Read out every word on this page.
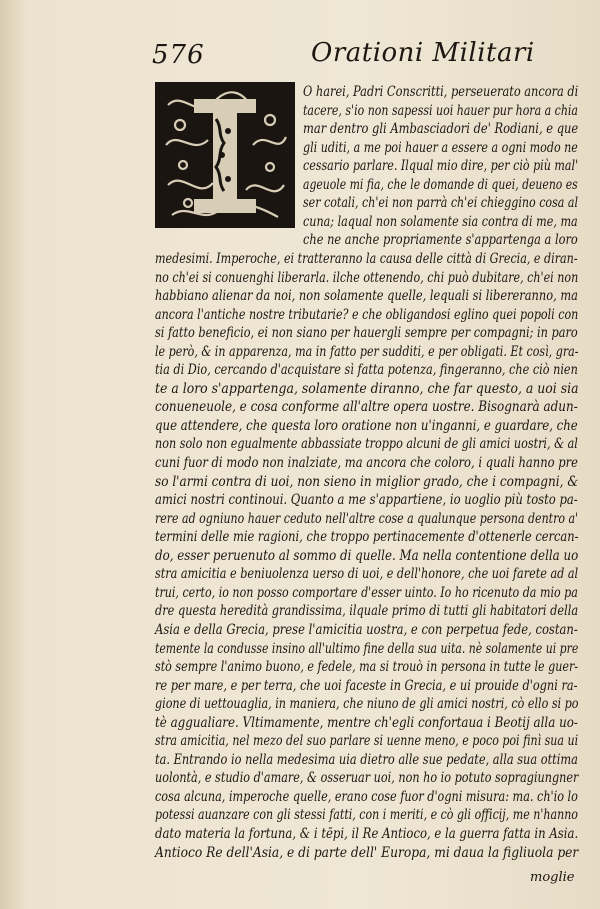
576	Orationi Militari
O harei, Padri Conscritti, perseuerato ancora di
tacere, s'io non sapessi uoi hauer pur hora a chia
mar dentro gli Ambasciadori de' Rodiani, e que
gli uditi, a me poi hauer a essere a ogni modo ne
cessario parlare. Ilqual mio dire, per ciò più mal'
ageuole mi fia, che le domande di quei, deueno es
ser cotali, ch'ei non parrà ch'ei chieggino cosa al
cuna; laqual non solamente sia contra di me, ma
che ne anche propriamente s'appartenga a loro
medesimi. Imperoche, ei tratteranno la causa delle città di Grecia, e diran-
no ch'ei si conuenghi liberarla. ilche ottenendo, chi può dubitare, ch'ei non
habbiano alienar da noi, non solamente quelle, lequali si libereranno, ma
ancora l'antiche nostre tributarie? e che obligandosi eglino quei popoli con
si fatto beneficio, ei non siano per hauergli sempre per compagni; in paro
le però, & in apparenza, ma in fatto per sudditi, e per obligati. Et così, gra-
tia di Dio, cercando d'acquistare sì fatta potenza, fingeranno, che ciò nien
te a loro s'appartenga, solamente diranno, che far questo, a uoi sia
conueneuole, e cosa conforme all'altre opera uostre. Bisognarà adun-
que attendere, che questa loro oratione non u'inganni, e guardare, che
non solo non egualmente abbassiate troppo alcuni de gli amici uostri, & al
cuni fuor di modo non inalziate, ma ancora che coloro, i quali hanno pre
so l'armi contra di uoi, non sieno in miglior grado, che i compagni, &
amici nostri continoui. Quanto a me s'appartiene, io uoglio più tosto pa-
rere ad ogniuno hauer ceduto nell'altre cose a qualunque persona dentro a'
termini delle mie ragioni, che troppo pertinacemente d'ottenerle cercan-
do, esser peruenuto al sommo di quelle. Ma nella contentione della uo
stra amicitia e beniuolenza uerso di uoi, e dell'honore, che uoi farete ad al
trui, certo, io non posso comportare d'esser uinto. Io ho ricenuto da mio pa
dre questa heredità grandissima, ilquale primo di tutti gli habitatori della
Asia e della Grecia, prese l'amicitia uostra, e con perpetua fede, costan-
temente la condusse insino all'ultimo fine della sua uita. nè solamente ui pre
stò sempre l'animo buono, e fedele, ma si trouò in persona in tutte le guer-
re per mare, e per terra, che uoi faceste in Grecia, e ui prouide d'ogni ra-
gione di uettouaglia, in maniera, che niuno de gli amici nostri, cò ello si po
tè aggualiare. Vltimamente, mentre ch'egli confortaua i Beotij alla uo-
stra amicitia, nel mezo del suo parlare si uenne meno, e poco poi finì sua ui
ta. Entrando io nella medesima uia dietro alle sue pedate, alla sua ottima
uolontà, e studio d'amare, & osseruar uoi, non ho io potuto sopragiungner
cosa alcuna, imperoche quelle, erano cose fuor d'ogni misura: ma. ch'io lo
potessi auanzare con gli stessi fatti, con i meriti, e cò gli officij, me n'hanno
dato materia la fortuna, & i tēpi, il Re Antioco, e la guerra fatta in Asia.
Antioco Re dell'Asia, e di parte dell' Europa, mi daua la figliuola per
moglie
